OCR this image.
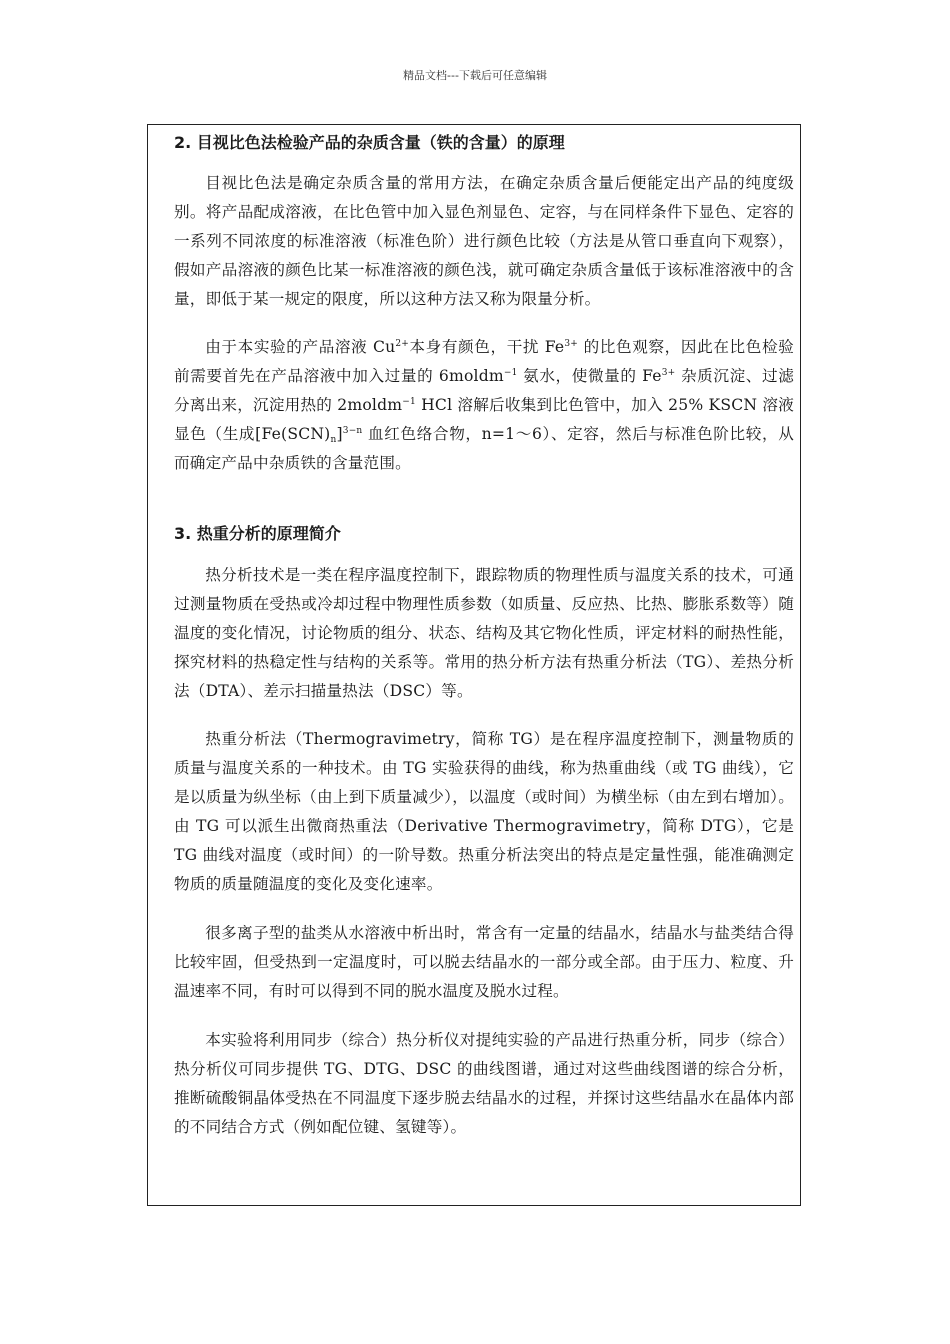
精品文档---下载后可任意编辑
2. 目视比色法检验产品的杂质含量（铁的含量）的原理

目视比色法是确定杂质含量的常用方法，在确定杂质含量后便能定出产品的纯度级别。将产品配成溶液，在比色管中加入显色剂显色、定容，与在同样条件下显色、定容的一系列不同浓度的标准溶液（标准色阶）进行颜色比较（方法是从管口垂直向下观察），假如产品溶液的颜色比某一标准溶液的颜色浅，就可确定杂质含量低于该标准溶液中的含量，即低于某一规定的限度，所以这种方法又称为限量分析。

由于本实验的产品溶液 $Cu^{2+}$本身有颜色，干扰 $Fe^{3+}$ 的比色观察，因此在比色检验前需要首先在产品溶液中加入过量的 6moldm$^{-1}$ 氨水，使微量的 $Fe^{3+}$ 杂质沉淀、过滤分离出来，沉淀用热的 2moldm$^{-1}$ HCl 溶解后收集到比色管中，加入 25% KSCN 溶液显色（生成$[Fe(SCN)_n]^{3-n}$ 血红色络合物，n=1～6）、定容，然后与标准色阶比较，从而确定产品中杂质铁的含量范围。

3. 热重分析的原理简介

热分析技术是一类在程序温度控制下，跟踪物质的物理性质与温度关系的技术，可通过测量物质在受热或冷却过程中物理性质参数（如质量、反应热、比热、膨胀系数等）随温度的变化情况，讨论物质的组分、状态、结构及其它物化性质，评定材料的耐热性能，探究材料的热稳定性与结构的关系等。常用的热分析方法有热重分析法（TG）、差热分析法（DTA）、差示扫描量热法（DSC）等。

热重分析法（Thermogravimetry，简称 TG）是在程序温度控制下，测量物质的质量与温度关系的一种技术。由 TG 实验获得的曲线，称为热重曲线（或 TG 曲线），它是以质量为纵坐标（由上到下质量减少），以温度（或时间）为横坐标（由左到右增加）。由 TG 可以派生出微商热重法（Derivative Thermogravimetry，简称 DTG），它是 TG 曲线对温度（或时间）的一阶导数。热重分析法突出的特点是定量性强，能准确测定物质的质量随温度的变化及变化速率。

很多离子型的盐类从水溶液中析出时，常含有一定量的结晶水，结晶水与盐类结合得比较牢固，但受热到一定温度时，可以脱去结晶水的一部分或全部。由于压力、粒度、升温速率不同，有时可以得到不同的脱水温度及脱水过程。

本实验将利用同步（综合）热分析仪对提纯实验的产品进行热重分析，同步（综合）热分析仪可同步提供 TG、DTG、DSC 的曲线图谱，通过对这些曲线图谱的综合分析，推断硫酸铜晶体受热在不同温度下逐步脱去结晶水的过程，并探讨这些结晶水在晶体内部的不同结合方式（例如配位键、氢键等）。
